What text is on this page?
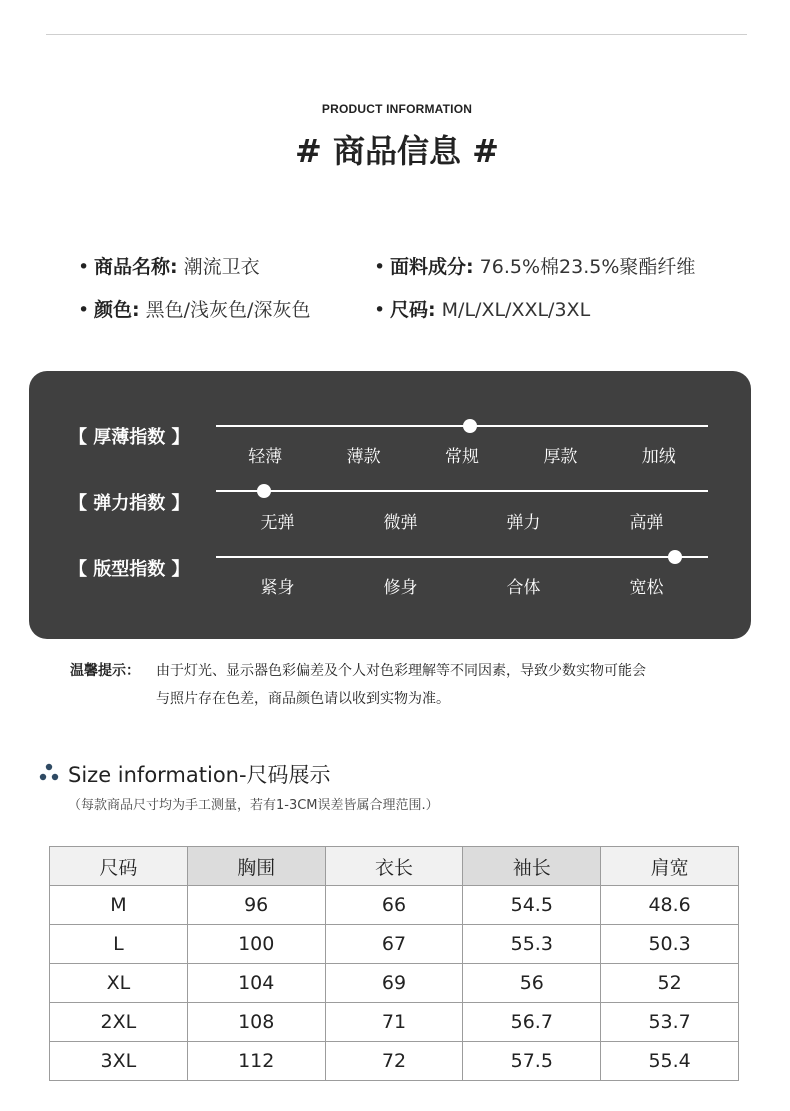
PRODUCT INFORMATION
# 商品信息 #
• 商品名称: 潮流卫衣	• 面料成分: 76.5%棉23.5%聚酯纤维
• 颜色: 黑色/浅灰色/深灰色	• 尺码: M/L/XL/XXL/3XL
【 厚薄指数 】
轻薄	薄款	常规	厚款	加绒
【 弹力指数 】
无弹	微弹	弹力	高弹
【 版型指数 】
紧身	修身	合体	宽松
温馨提示： 由于灯光、显示器色彩偏差及个人对色彩理解等不同因素，导致少数实物可能会
与照片存在色差，商品颜色请以收到实物为准。
Size information-尺码展示
（每款商品尺寸均为手工测量，若有1-3CM误差皆属合理范围.）
尺码	胸围	衣长	袖长	肩宽
M	96	66	54.5	48.6
L	100	67	55.3	50.3
XL	104	69	56	52
2XL	108	71	56.7	53.7
3XL	112	72	57.5	55.4
